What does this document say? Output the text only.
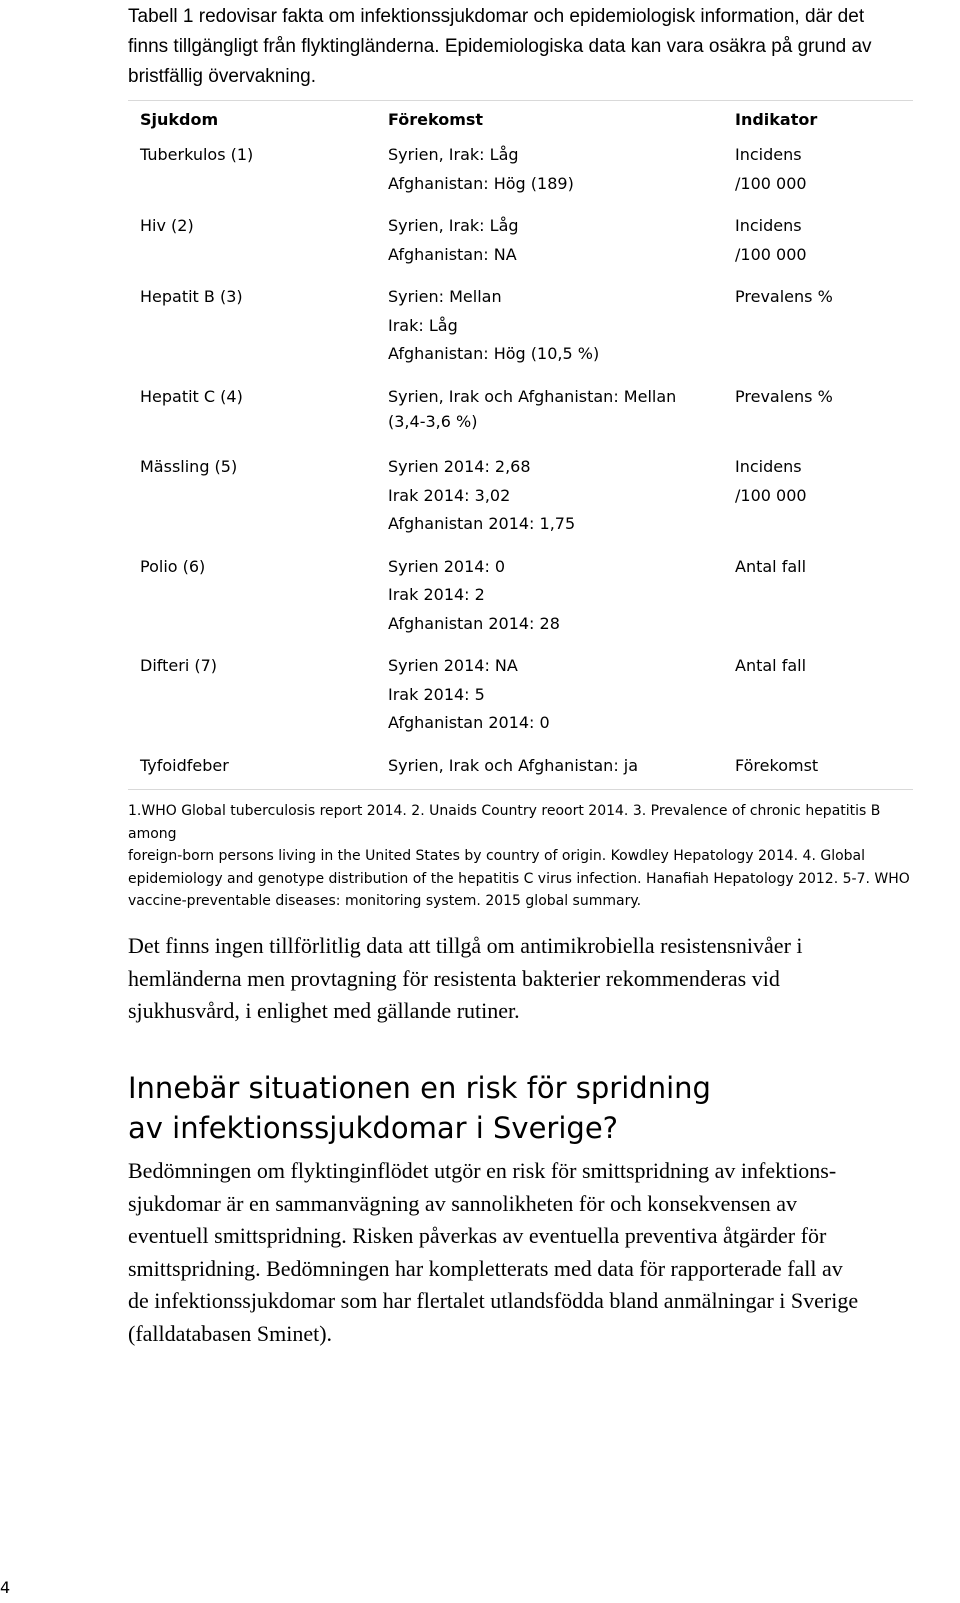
Tabell 1 redovisar fakta om infektionssjukdomar och epidemiologisk information, där det
finns tillgängligt från flyktingländerna. Epidemiologiska data kan vara osäkra på grund av
bristfällig övervakning.
Sjukdom	Förekomst	Indikator

Tuberkulos (1)	Syrien, Irak: Låg
Afghanistan: Hög (189)	Incidens
/100 000

Hiv (2)	Syrien, Irak: Låg
Afghanistan: NA	Incidens
/100 000

Hepatit B (3)	Syrien: Mellan
Irak: Låg
Afghanistan: Hög (10,5 %)	Prevalens %

Hepatit C (4)	Syrien, Irak och Afghanistan: Mellan
(3,4-3,6 %)	Prevalens %

Mässling (5)	Syrien 2014: 2,68
Irak 2014: 3,02
Afghanistan 2014: 1,75	Incidens
/100 000

Polio (6)	Syrien 2014: 0
Irak 2014: 2
Afghanistan 2014: 28	Antal fall

Difteri (7)	Syrien 2014: NA
Irak 2014: 5
Afghanistan 2014: 0	Antal fall

Tyfoidfeber	Syrien, Irak och Afghanistan: ja	Förekomst

1.WHO Global tuberculosis report 2014. 2. Unaids Country reoort 2014. 3. Prevalence of chronic hepatitis B among
foreign-born persons living in the United States by country of origin. Kowdley Hepatology 2014. 4. Global
epidemiology and genotype distribution of the hepatitis C virus infection. Hanafiah Hepatology 2012. 5-7. WHO
vaccine-preventable diseases: monitoring system. 2015 global summary.		
Det finns ingen tillförlitlig data att tillgå om antimikrobiella resistensnivåer i
hemländerna men provtagning för resistenta bakterier rekommenderas vid
sjukhusvård, i enlighet med gällande rutiner.
Innebär situationen en risk för spridning
av infektionssjukdomar i Sverige?
Bedömningen om flyktinginflödet utgör en risk för smittspridning av infektions-
sjukdomar är en sammanvägning av sannolikheten för och konsekvensen av
eventuell smittspridning. Risken påverkas av eventuella preventiva åtgärder för
smittspridning. Bedömningen har kompletterats med data för rapporterade fall av
de infektionssjukdomar som har flertalet utlandsfödda bland anmälningar i Sverige
(falldatabasen Sminet).
4
